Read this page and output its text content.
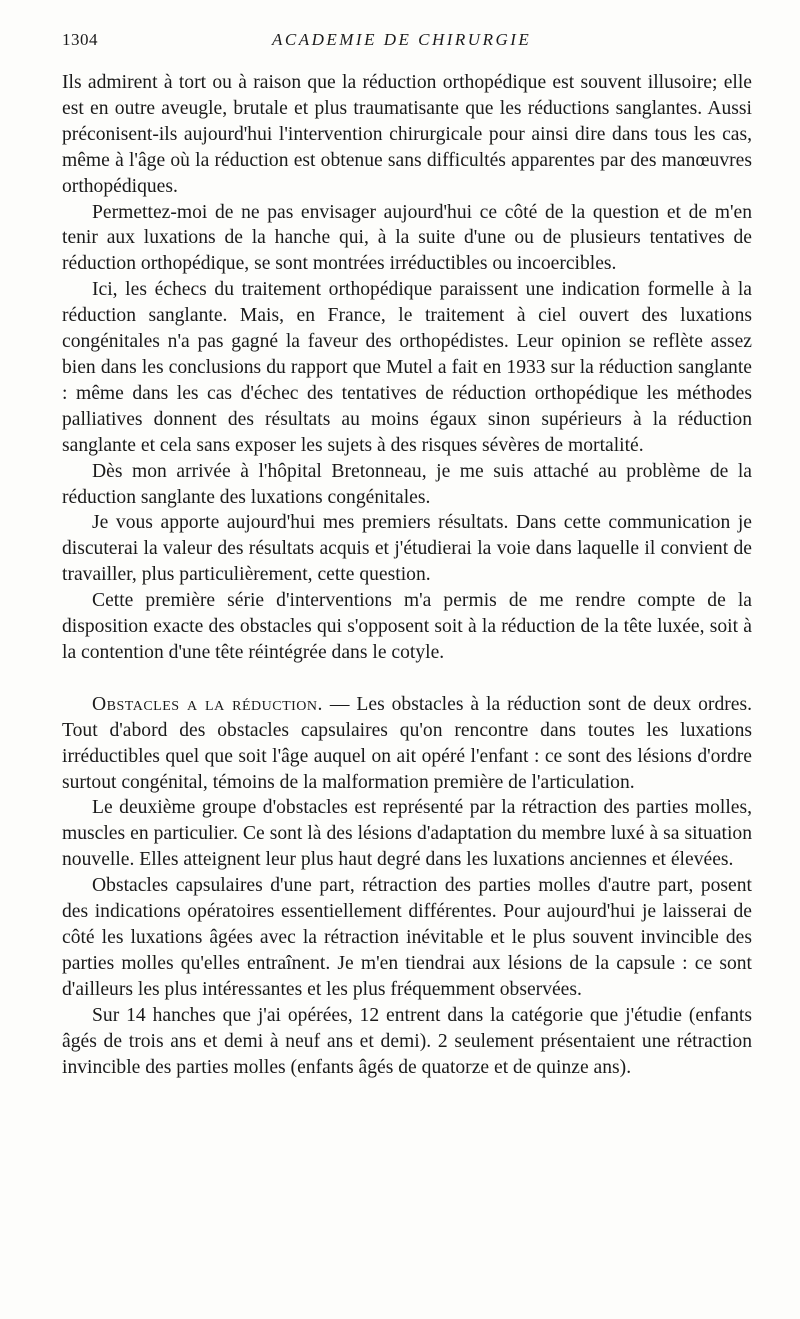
1304	ACADEMIE DE CHIRURGIE

Ils admirent à tort ou à raison que la réduction orthopédique est souvent illusoire; elle est en outre aveugle, brutale et plus traumatisante que les réductions sanglantes. Aussi préconisent-ils aujourd'hui l'intervention chirurgicale pour ainsi dire dans tous les cas, même à l'âge où la réduction est obtenue sans difficultés apparentes par des manœuvres orthopédiques.

Permettez-moi de ne pas envisager aujourd'hui ce côté de la question et de m'en tenir aux luxations de la hanche qui, à la suite d'une ou de plusieurs tentatives de réduction orthopédique, se sont montrées irréductibles ou incoercibles.

Ici, les échecs du traitement orthopédique paraissent une indication formelle à la réduction sanglante. Mais, en France, le traitement à ciel ouvert des luxations congénitales n'a pas gagné la faveur des orthopédistes. Leur opinion se reflète assez bien dans les conclusions du rapport que Mutel a fait en 1933 sur la réduction sanglante : même dans les cas d'échec des tentatives de réduction orthopédique les méthodes palliatives donnent des résultats au moins égaux sinon supérieurs à la réduction sanglante et cela sans exposer les sujets à des risques sévères de mortalité.

Dès mon arrivée à l'hôpital Bretonneau, je me suis attaché au problème de la réduction sanglante des luxations congénitales.

Je vous apporte aujourd'hui mes premiers résultats. Dans cette communication je discuterai la valeur des résultats acquis et j'étudierai la voie dans laquelle il convient de travailler, plus particulièrement, cette question.

Cette première série d'interventions m'a permis de me rendre compte de la disposition exacte des obstacles qui s'opposent soit à la réduction de la tête luxée, soit à la contention d'une tête réintégrée dans le cotyle.

Obstacles a la réduction. — Les obstacles à la réduction sont de deux ordres. Tout d'abord des obstacles capsulaires qu'on rencontre dans toutes les luxations irréductibles quel que soit l'âge auquel on ait opéré l'enfant : ce sont des lésions d'ordre surtout congénital, témoins de la malformation première de l'articulation.

Le deuxième groupe d'obstacles est représenté par la rétraction des parties molles, muscles en particulier. Ce sont là des lésions d'adaptation du membre luxé à sa situation nouvelle. Elles atteignent leur plus haut degré dans les luxations anciennes et élevées.

Obstacles capsulaires d'une part, rétraction des parties molles d'autre part, posent des indications opératoires essentiellement différentes. Pour aujourd'hui je laisserai de côté les luxations âgées avec la rétraction inévitable et le plus souvent invincible des parties molles qu'elles entraînent. Je m'en tiendrai aux lésions de la capsule : ce sont d'ailleurs les plus intéressantes et les plus fréquemment observées.

Sur 14 hanches que j'ai opérées, 12 entrent dans la catégorie que j'étudie (enfants âgés de trois ans et demi à neuf ans et demi). 2 seulement présentaient une rétraction invincible des parties molles (enfants âgés de quatorze et de quinze ans).
